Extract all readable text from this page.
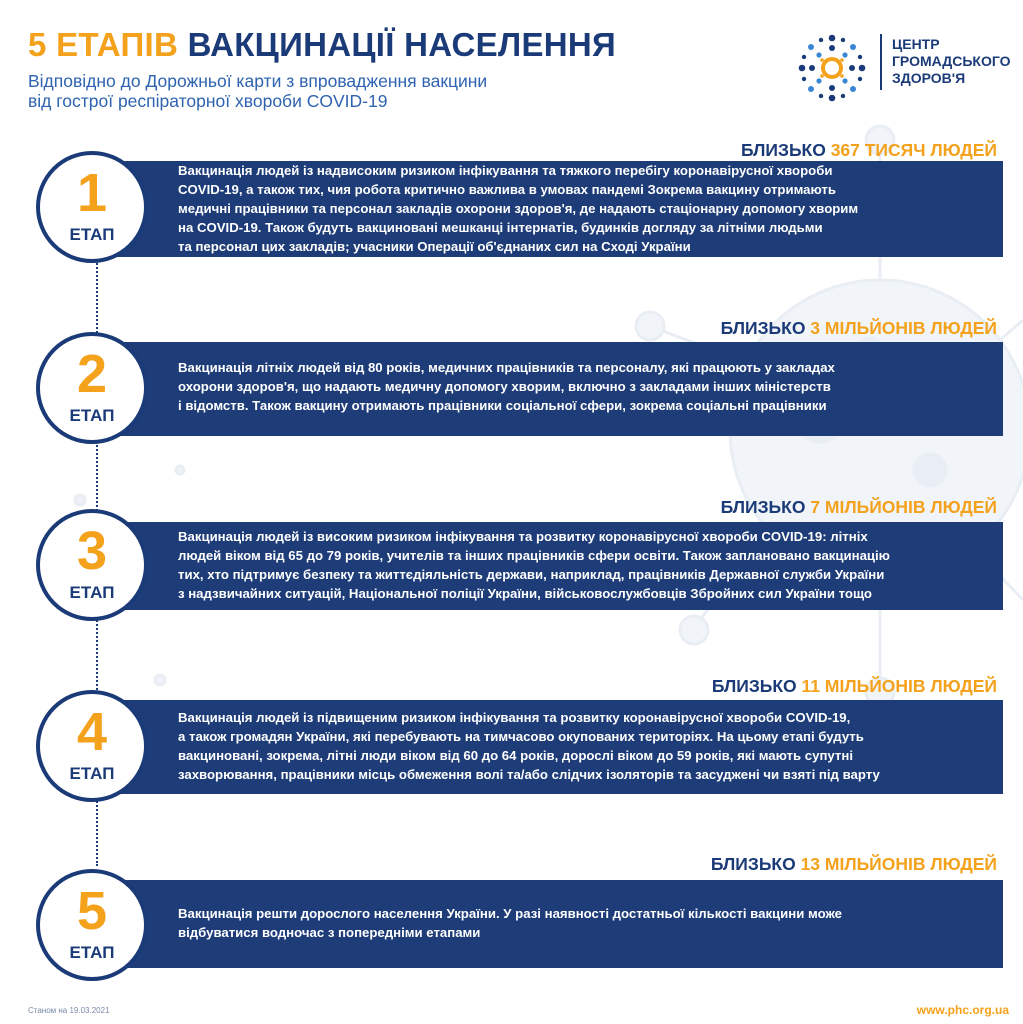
5 ЕТАПІВ ВАКЦИНАЦІЇ НАСЕЛЕННЯ
Відповідно до Дорожньої карти з впровадження вакцини
від гострої респіраторної хвороби COVID-19
ЦЕНТР
ГРОМАДСЬКОГО
ЗДОРОВ'Я
БЛИЗЬКО 367 ТИСЯЧ ЛЮДЕЙ
Вакцинація людей із надвисоким ризиком інфікування та тяжкого перебігу коронавірусної хвороби
COVID-19, а також тих, чия робота критично важлива в умовах пандемі Зокрема вакцину отримають
медичні працівники та персонал закладів охорони здоров'я, де надають стаціонарну допомогу хворим
на COVID-19. Також будуть вакциновані мешканці інтернатів, будинків догляду за літніми людьми
та персонал цих закладів; учасники Операції об'єднаних сил на Сході України
1
ЕТАП
БЛИЗЬКО 3 МІЛЬЙОНІВ ЛЮДЕЙ
Вакцинація літніх людей від 80 років, медичних працівників та персоналу, які працюють у закладах
охорони здоров'я, що надають медичну допомогу хворим, включно з закладами інших міністерств
і відомств. Також вакцину отримають працівники соціальної сфери, зокрема соціальні працівники
2
ЕТАП
БЛИЗЬКО 7 МІЛЬЙОНІВ ЛЮДЕЙ
Вакцинація людей із високим ризиком інфікування та розвитку коронавірусної хвороби COVID-19: літніх
людей віком від 65 до 79 років, учителів та інших працівників сфери освіти. Також заплановано вакцинацію
тих, хто підтримує безпеку та життєдіяльність держави, наприклад, працівників Державної служби України
з надзвичайних ситуацій, Національної поліції України, військовослужбовців Збройних сил України тощо
3
ЕТАП
БЛИЗЬКО 11 МІЛЬЙОНІВ ЛЮДЕЙ
Вакцинація людей із підвищеним ризиком інфікування та розвитку коронавірусної хвороби COVID-19,
а також громадян України, які перебувають на тимчасово окупованих територіях. На цьому етапі будуть
вакциновані, зокрема, літні люди віком від 60 до 64 років, дорослі віком до 59 років, які мають супутні
захворювання, працівники місць обмеження волі та/або слідчих ізоляторів та засуджені чи взяті під варту
4
ЕТАП
БЛИЗЬКО 13 МІЛЬЙОНІВ ЛЮДЕЙ
Вакцинація решти дорослого населення України. У разі наявності достатньої кількості вакцини може
відбуватися водночас з попередніми етапами
5
ЕТАП
Станом на 19.03.2021	www.phc.org.ua
